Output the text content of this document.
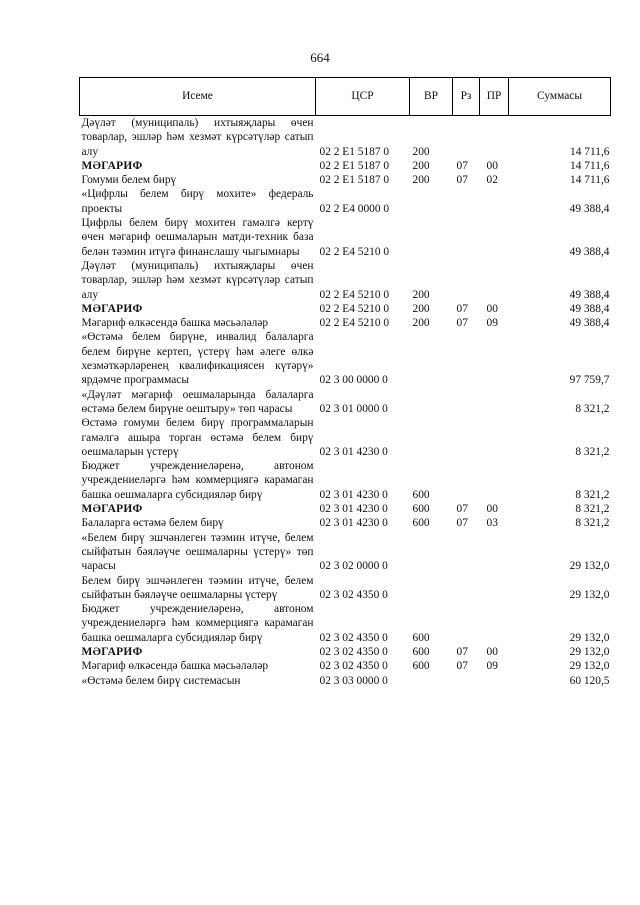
664
Исеме	ЦСР	ВР	Рз	ПР	Суммасы
Дәүләт (муниципаль) ихтыяҗлары өчен товарлар, эшләр һәм хезмәт күрсәтүләр сатып алу	02 2 E1 5187 0	200			14 711,6
МӘГАРИФ	02 2 E1 5187 0	200	07	00	14 711,6
Гомуми белем бирү	02 2 E1 5187 0	200	07	02	14 711,6
«Цифрлы белем бирү мохите» федераль проекты	02 2 E4 0000 0				49 388,4
Цифрлы белем бирү мохитен гамәлгә кертү өчен мәгариф оешмаларын матди-техник база белән тәэмин итүгә финанслашу чыгымнары	02 2 E4 5210 0				49 388,4
Дәүләт (муниципаль) ихтыяҗлары өчен товарлар, эшләр һәм хезмәт күрсәтүләр сатып алу	02 2 E4 5210 0	200			49 388,4
МӘГАРИФ	02 2 E4 5210 0	200	07	00	49 388,4
Мәгариф өлкәсендә башка мәсьәләләр	02 2 E4 5210 0	200	07	09	49 388,4
«Өстәмә белем бирүне, инвалид балаларга белем бирүне кертеп, үстерү һәм әлеге өлкә хезмәткәрләренең квалификациясен күтәрү» ярдәмче программасы	02 3 00 0000 0				97 759,7
«Дәүләт мәгариф оешмаларында балаларга өстәмә белем бирүне оештыру» төп чарасы	02 3 01 0000 0				8 321,2
Өстәмә гомуми белем бирү программаларын гамәлгә ашыра торган өстәмә белем бирү оешмаларын үстерү	02 3 01 4230 0				8 321,2
Бюджет учреждениеләренә, автоном учреждениеләргә һәм коммерциягә карамаган башка оешмаларга субсидияләр бирү	02 3 01 4230 0	600			8 321,2
МӘГАРИФ	02 3 01 4230 0	600	07	00	8 321,2
Балаларга өстәмә белем бирү	02 3 01 4230 0	600	07	03	8 321,2
«Белем бирү эшчәнлеген тәэмин итүче, белем сыйфатын бәяләүче оешмаларны үстерү» төп чарасы	02 3 02 0000 0				29 132,0
Белем бирү эшчәнлеген тәэмин итүче, белем сыйфатын бәяләүче оешмаларны үстерү	02 3 02 4350 0				29 132,0
Бюджет учреждениеләренә, автоном учреждениеләргә һәм коммерциягә карамаган башка оешмаларга субсидияләр бирү	02 3 02 4350 0	600			29 132,0
МӘГАРИФ	02 3 02 4350 0	600	07	00	29 132,0
Мәгариф өлкәсендә башка мәсьәләләр	02 3 02 4350 0	600	07	09	29 132,0
«Өстәмә белем бирү системасын	02 3 03 0000 0				60 120,5
